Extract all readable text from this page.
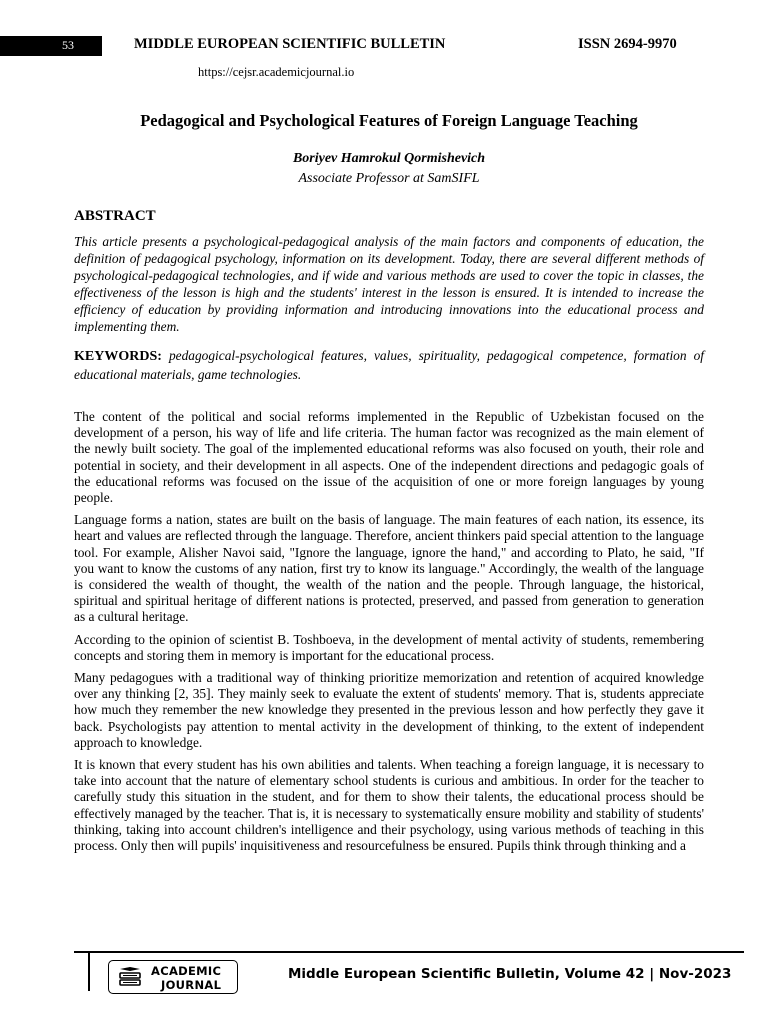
53	MIDDLE EUROPEAN SCIENTIFIC BULLETIN	ISSN 2694-9970
https://cejsr.academicjournal.io
Pedagogical and Psychological Features of Foreign Language Teaching
Boriyev Hamrokul Qormishevich
Associate Professor at SamSIFL
ABSTRACT
This article presents a psychological-pedagogical analysis of the main factors and components of education, the definition of pedagogical psychology, information on its development. Today, there are several different methods of psychological-pedagogical technologies, and if wide and various methods are used to cover the topic in classes, the effectiveness of the lesson is high and the students' interest in the lesson is ensured. It is intended to increase the efficiency of education by providing information and introducing innovations into the educational process and implementing them.
KEYWORDS: pedagogical-psychological features, values, spirituality, pedagogical competence, formation of educational materials, game technologies.

The content of the political and social reforms implemented in the Republic of Uzbekistan focused on the development of a person, his way of life and life criteria. The human factor was recognized as the main element of the newly built society. The goal of the implemented educational reforms was also focused on youth, their role and potential in society, and their development in all aspects. One of the independent directions and pedagogic goals of the educational reforms was focused on the issue of the acquisition of one or more foreign languages by young people.

Language forms a nation, states are built on the basis of language. The main features of each nation, its essence, its heart and values are reflected through the language. Therefore, ancient thinkers paid special attention to the language tool. For example, Alisher Navoi said, "Ignore the language, ignore the hand," and according to Plato, he said, "If you want to know the customs of any nation, first try to know its language." Accordingly, the wealth of the language is considered the wealth of thought, the wealth of the nation and the people. Through language, the historical, spiritual and spiritual heritage of different nations is protected, preserved, and passed from generation to generation as a cultural heritage.

According to the opinion of scientist B. Toshboeva, in the development of mental activity of students, remembering concepts and storing them in memory is important for the educational process.

Many pedagogues with a traditional way of thinking prioritize memorization and retention of acquired knowledge over any thinking [2, 35]. They mainly seek to evaluate the extent of students' memory. That is, students appreciate how much they remember the new knowledge they presented in the previous lesson and how perfectly they gave it back. Psychologists pay attention to mental activity in the development of thinking, to the extent of independent approach to knowledge.

It is known that every student has his own abilities and talents. When teaching a foreign language, it is necessary to take into account that the nature of elementary school students is curious and ambitious. In order for the teacher to carefully study this situation in the student, and for them to show their talents, the educational process should be effectively managed by the teacher. That is, it is necessary to systematically ensure mobility and stability of students' thinking, taking into account children's intelligence and their psychology, using various methods of teaching in this process. Only then will pupils' inquisitiveness and resourcefulness be ensured. Pupils think through thinking and a

ACADEMIC
JOURNAL
Middle European Scientific Bulletin, Volume 42 | Nov-2023
